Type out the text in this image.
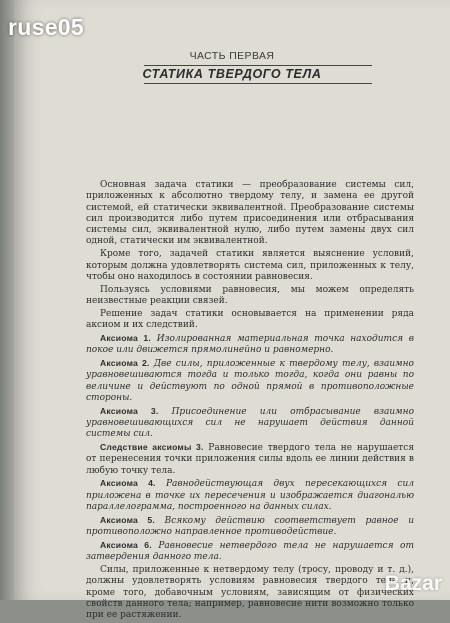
ЧАСТЬ ПЕРВАЯ
СТАТИКА ТВЕРДОГО ТЕЛА

Основная задача статики — преобразование системы сил, приложенных к абсолютно твердому телу, и замена ее другой системой, ей статически эквивалентной. Преобразование системы сил производится либо путем присоединения или отбрасывания системы сил, эквивалентной нулю, либо путем замены двух сил одной, статически им эквивалентной.

Кроме того, задачей статики является выяснение условий, которым должна удовлетворять система сил, приложенных к телу, чтобы оно находилось в состоянии равновесия.

Пользуясь условиями равновесия, мы можем определять неизвестные реакции связей.

Решение задач статики основывается на применении ряда аксиом и их следствий.

Аксиома 1. Изолированная материальная точка находится в покое или движется прямолинейно и равномерно.

Аксиома 2. Две силы, приложенные к твердому телу, взаимно уравновешиваются тогда и только тогда, когда они равны по величине и действуют по одной прямой в противоположные стороны.

Аксиома 3. Присоединение или отбрасывание взаимно уравновешивающихся сил не нарушает действия данной системы сил.

Следствие аксиомы 3. Равновесие твердого тела не нарушается от перенесения точки приложения силы вдоль ее линии действия в любую точку тела.

Аксиома 4. Равнодействующая двух пересекающихся сил приложена в точке их пересечения и изображается диагональю параллелограмма, построенного на данных силах.

Аксиома 5. Всякому действию соответствует равное и противоположно направленное противодействие.

Аксиома 6. Равновесие нетвердого тела не нарушается от затвердения данного тела.

Силы, приложенные к нетвердому телу (тросу, проводу и т. д.), должны удовлетворять условиям равновесия твердого тела и, кроме того, добавочным условиям, зависящим от физических свойств данного тела; например, равновесие нити возможно только при ее растяжении.

ruse05
Bazar
